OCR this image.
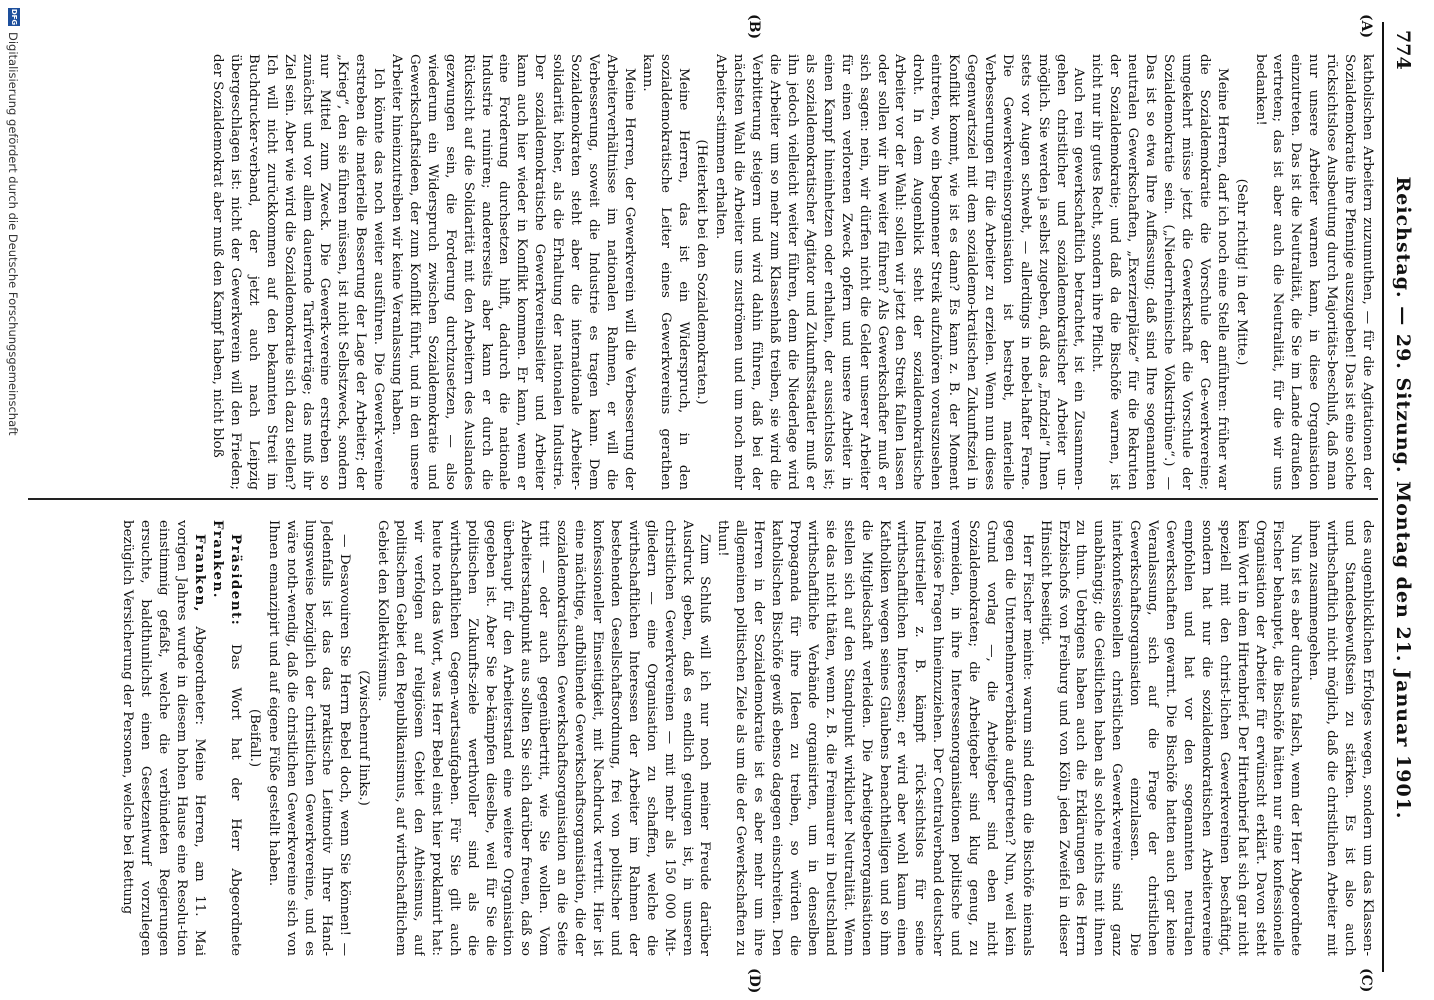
774
Reichstag. — 29. Sitzung. Montag den 21. Januar 1901.
(A)
(B)
(C)
(D)

katholischen Arbeitern zuzumuthen, — für die Agitationen der Sozialdemokratie ihre Pfennige auszugeben! Das ist eine solche rücksichtslose Ausbeutung durch Majoritäts-beschluß, daß man nur unsere Arbeiter warnen kann, in diese Organisation einzutreten. Das ist die Neutralität, die Sie im Lande draußen vertreten; das ist aber auch die Neutralität, für die wir uns bedanken!

(Sehr richtig! in der Mitte.)

Meine Herren, darf ich noch eine Stelle anführen: früher war die Sozialdemokratie die Vorschule der Ge-werkvereine; umgekehrt müsse jetzt die Gewerkschaft die Vorschule der Sozialdemokratie sein. („Niederrheinische Volkstribüne“.) — Das ist so etwa Ihre Auffassung; daß sind Ihre sogenannten neutralen Gewerkschaften, „Exerzierplätze“ für die Rekruten der Sozialdemokratie; und daß da die Bischöfe warnen, ist nicht nur ihr gutes Recht, sondern ihre Pflicht.

Auch rein gewerkschaftlich betrachtet, ist ein Zusammen-gehen christlicher und sozialdemokratischer Arbeiter un-möglich. Sie werden ja selbst zugeben, daß das „Endziel“ Ihnen stets vor Augen schwebt, — allerdings in nebel-hafter Ferne. Die Gewerkvereinsorganisation ist bestrebt, materielle Verbesserungen für die Arbeiter zu erzielen. Wenn nun dieses Gegenwartsziel mit dem sozialdemo-kratischen Zukunftsziel in Konflikt kommt, wie ist es dann? Es kann z. B. der Moment eintreten, wo ein begonnener Streik aufzuhören vorauszusehen droht. In dem Augenblick steht der sozialdemokratische Arbeiter vor der Wahl: sollen wir jetzt den Streik fallen lassen oder sollen wir ihn weiter führen? Als Gewerkschafter muß er sich sagen: nein, wir dürfen nicht die Gelder unserer Arbeiter für einen verlorenen Zweck opfern und unsere Arbeiter in einen Kampf hineinhetzen oder erhalten, der aussichtslos ist; als sozialdemokratischer Agitator und Zukunftsstaatler muß er ihn jedoch vielleicht weiter führen, denn die Niederlage wird die Arbeiter um so mehr zum Klassenhaß treiben, sie wird die Verbitterung steigern und wird dahin führen, daß bei der nächsten Wahl die Arbeiter uns zuströmen und um noch mehr Arbeiter-stimmen erhalten.

(Heiterkeit bei den Sozialdemokraten.)

Meine Herren, das ist ein Widerspruch, in den sozialdemokratische Leiter eines Gewerkvereins gerathen kann.

Meine Herren, der Gewerkverein will die Verbesserung der Arbeiterverhältnisse im nationalen Rahmen, er will die Verbesserung, soweit die Industrie es tragen kann. Dem Sozialdemokraten steht aber die internationale Arbeiter-solidarität höher, als die Erhaltung der nationalen Industrie. Der sozialdemokratische Gewerkvereinsleiter und Arbeiter kann auch hier wieder in Konflikt kommen. Er kann, wenn er eine Forderung durchsetzen hilft, dadurch die nationale Industrie ruiniren; andererseits aber kann er durch die Rücksicht auf die Solidarität mit den Arbeitern des Auslandes gezwungen sein, die Forderung durchzusetzen, — also wiederum ein Widerspruch zwischen Sozialdemokratie und Gewerkschaftsideen, der zum Konflikt führt, und in den unsere Arbeiter hineinzutreiben wir keine Veranlassung haben.

Ich könnte das noch weiter ausführen. Die Gewerk-vereine erstreben die materielle Besserung der Lage der Arbeiter; der „Krieg“, den sie führen müssen, ist nicht Selbstzweck, sondern nur Mittel zum Zweck. Die Gewerk-vereine erstreben so zunächst und vor allem dauernde Tarifverträge; das muß ihr Ziel sein. Aber wie wird die Sozialdemokratie sich dazu stellen? Ich will nicht zurückkommen auf den bekannten Streit im Buchdrucker-verband, der jetzt auch nach Leipzig übergeschlagen ist: nicht der Gewerkverein will den Frieden; der Sozialdemokrat aber muß den Kampf haben, nicht bloß

des augenblicklichen Erfolges wegen, sondern um das Klassen- und Standesbewußtsein zu stärken. Es ist also auch wirthschaftlich nicht möglich, daß die christlichen Arbeiter mit ihnen zusammengehen.

Nun ist es aber durchaus falsch, wenn der Herr Abgeordnete Fischer behauptet, die Bischöfe hätten nur eine konfessionelle Organisation der Arbeiter für erwünscht erklärt. Davon steht kein Wort in dem Hirtenbrief. Der Hirtenbrief hat sich gar nicht speziell mit den christ-lichen Gewerkvereinen beschäftigt, sondern hat nur die sozialdemokratischen Arbeitervereine empfohlen und hat vor den sogenannten neutralen Gewerkschaften gewarnt. Die Bischöfe hatten auch gar keine Veranlassung, sich auf die Frage der christlichen Gewerkschaftsorganisation einzulassen. Die interkonfessionellen christlichen Gewerk-vereine sind ganz unabhängig; die Geistlichen haben als solche nichts mit ihnen zu thun. Uebrigens haben auch die Erklärungen des Herrn Erzbischofs von Freiburg und von Köln jeden Zweifel in dieser Hinsicht beseitigt.

Herr Fischer meinte: warum sind denn die Bischöfe niemals gegen die Unternehmerverbände aufgetreten? Nun, weil kein Grund vorlag —, die Arbeitgeber sind eben nicht Sozialdemokraten; die Arbeitgeber sind klug genug, zu vermeiden, in ihre Interessenorganisationen politische und religiöse Fragen hineinzuziehen. Der Centralverband deutscher Industrieller z. B. kämpft rück-sichtslos für seine wirthschaftlichen Interessen; er wird aber wohl kaum einen Katholiken wegen seines Glaubens benachtheiligen und so ihm die Mitgliedschaft verleiden. Die Arbeitgeberorganisationen stellen sich auf den Standpunkt wirklicher Neutralität. Wenn sie das nicht thäten, wenn z. B. die Freimaurer in Deutschland wirthschaftliche Verbände organisirten, um in denselben Propaganda für ihre Ideen zu treiben, so würden die katholischen Bischöfe gewiß ebenso dagegen einschreiten. Den Herren in der Sozialdemokratie ist es aber mehr um ihre allgemeinen politischen Ziele als um die der Gewerkschaften zu thun!

Zum Schluß will ich nur noch meiner Freude darüber Ausdruck geben, daß es endlich gelungen ist, in unseren christlichen Gewerkvereinen — mit mehr als 150 000 Mit-gliedern — eine Organisation zu schaffen, welche die wirthschaftlichen Interessen der Arbeiter im Rahmen der bestehenden Gesellschaftsordnung, frei von politischer und konfessioneller Einseitigkeit, mit Nachdruck vertritt. Hier ist eine mächtige, aufblühende Gewerkschaftsorganisation, die der sozialdemokratischen Gewerkschaftsorganisation an die Seite tritt — oder auch gegenübertritt, wie Sie wollen. Vom Arbeiterstandpunkt aus sollten Sie sich darüber freuen, daß so überhaupt für den Arbeiterstand eine weitere Organisation gegeben ist. Aber Sie be-kämpfen dieselbe, weil für Sie die politischen Zukunfts-ziele werthvoller sind als die wirthschaftlichen Gegen-wartsaufgaben. Für Sie gilt auch heute noch das Wort, was Herr Bebel einst hier proklamirt hat: wir verfolgen auf religiösem Gebiet den Atheismus, auf politischem Gebiet den Republikanismus, auf wirthschaftlichem Gebiet den Kollektivismus.

(Zwischenruf links.)

— Desavouiren Sie Herrn Bebel doch, wenn Sie können! — Jedenfalls ist das das praktische Leitmotiv Ihrer Hand-lungsweise bezüglich der christlichen Gewerkvereine, und es wäre noth-wendig, daß die christlichen Gewerkvereine sich von Ihnen emanzipirt und auf eigene Füße gestellt haben.

(Beifall.)

Präsident: Das Wort hat der Herr Abgeordnete Franken.

Franken, Abgeordneter: Meine Herren, am 11. Mai vorigen Jahres wurde in diesem hohen Hause eine Resolu-tion einstimmig gefaßt, welche die verbündeten Regierungen ersuchte, baldthunlichst einen Gesetzentwurf vorzulegen bezüglich Versicherung der Personen, welche bei Rettung

DFG
Digitalisierung gefördert durch die Deutsche Forschungsgemeinschaft
